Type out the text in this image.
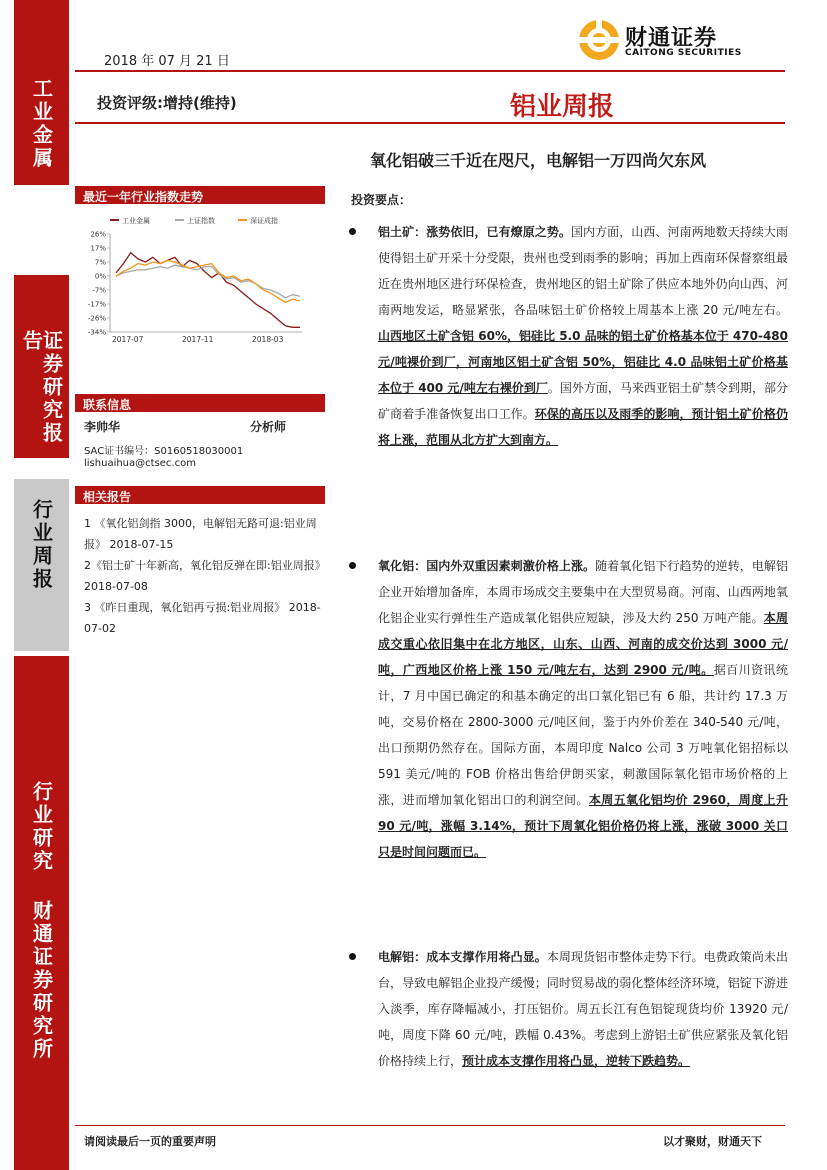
工业金属
证券研究报告
行业周报
行业研究 财通证券研究所
2018 年 07 月 21 日
投资评级:增持(维持)	铝业周报
财通证券
CAITONG SECURITIES
氧化铝破三千近在咫尺，电解铝一万四尚欠东风
投资要点：
最近一年行业指数走势
26%
17%
7%
0%
-7%
-17%
-26%
-34%
2017-07	2017-11	2018-03
工业金属	上证指数	深证成指
联系信息
李帅华	分析师
SAC证书编号：S0160518030001
lishuaihua@ctsec.com
相关报告
1 《氧化铝剑指 3000，电解铝无路可退:铝业周报》 2018-07-15
2《铝土矿十年新高，氧化铝反弹在即:铝业周报》 2018-07-08
3 《昨日重现，氧化铝再亏损:铝业周报》 2018-07-02
铝土矿：涨势依旧，已有燎原之势。国内方面，山西、河南两地数天持续大雨使得铝土矿开采十分受限，贵州也受到雨季的影响；再加上西南环保督察组最近在贵州地区进行环保检查，贵州地区的铝土矿除了供应本地外仍向山西、河南两地发运，略显紧张，各品味铝土矿价格较上周基本上涨 20 元/吨左右。山西地区土矿含铝 60%，铝硅比 5.0 品味的铝土矿价格基本位于 470-480 元/吨裸价到厂，河南地区铝土矿含铝 50%，铝硅比 4.0 品味铝土矿价格基本位于 400 元/吨左右裸价到厂。国外方面，马来西亚铝土矿禁令到期，部分矿商着手准备恢复出口工作。环保的高压以及雨季的影响，预计铝土矿价格仍将上涨，范围从北方扩大到南方。
氧化铝：国内外双重因素刺激价格上涨。随着氧化铝下行趋势的逆转，电解铝企业开始增加备库，本周市场成交主要集中在大型贸易商。河南、山西两地氧化铝企业实行弹性生产造成氧化铝供应短缺，涉及大约 250 万吨产能。本周成交重心依旧集中在北方地区，山东、山西、河南的成交价达到 3000 元/吨，广西地区价格上涨 150 元/吨左右，达到 2900 元/吨。据百川资讯统计，7 月中国已确定的和基本确定的出口氧化铝已有 6 船，共计约 17.3 万吨，交易价格在 2800-3000 元/吨区间，鉴于内外价差在 340-540 元/吨，出口预期仍然存在。国际方面，本周印度 Nalco 公司 3 万吨氧化铝招标以 591 美元/吨的 FOB 价格出售给伊朗买家，刺激国际氧化铝市场价格的上涨，进而增加氧化铝出口的利润空间。本周五氧化铝均价 2960，周度上升 90 元/吨，涨幅 3.14%，预计下周氧化铝价格仍将上涨，涨破 3000 关口只是时间问题而已。
电解铝：成本支撑作用将凸显。本周现货铝市整体走势下行。电费政策尚未出台，导致电解铝企业投产缓慢；同时贸易战的弱化整体经济环境，铝锭下游进入淡季，库存降幅减小，打压铝价。周五长江有色铝锭现货均价 13920 元/吨，周度下降 60 元/吨，跌幅 0.43%。考虑到上游铝土矿供应紧张及氧化铝价格持续上行，预计成本支撑作用将凸显，逆转下跌趋势。
请阅读最后一页的重要声明	以才聚财，财通天下
